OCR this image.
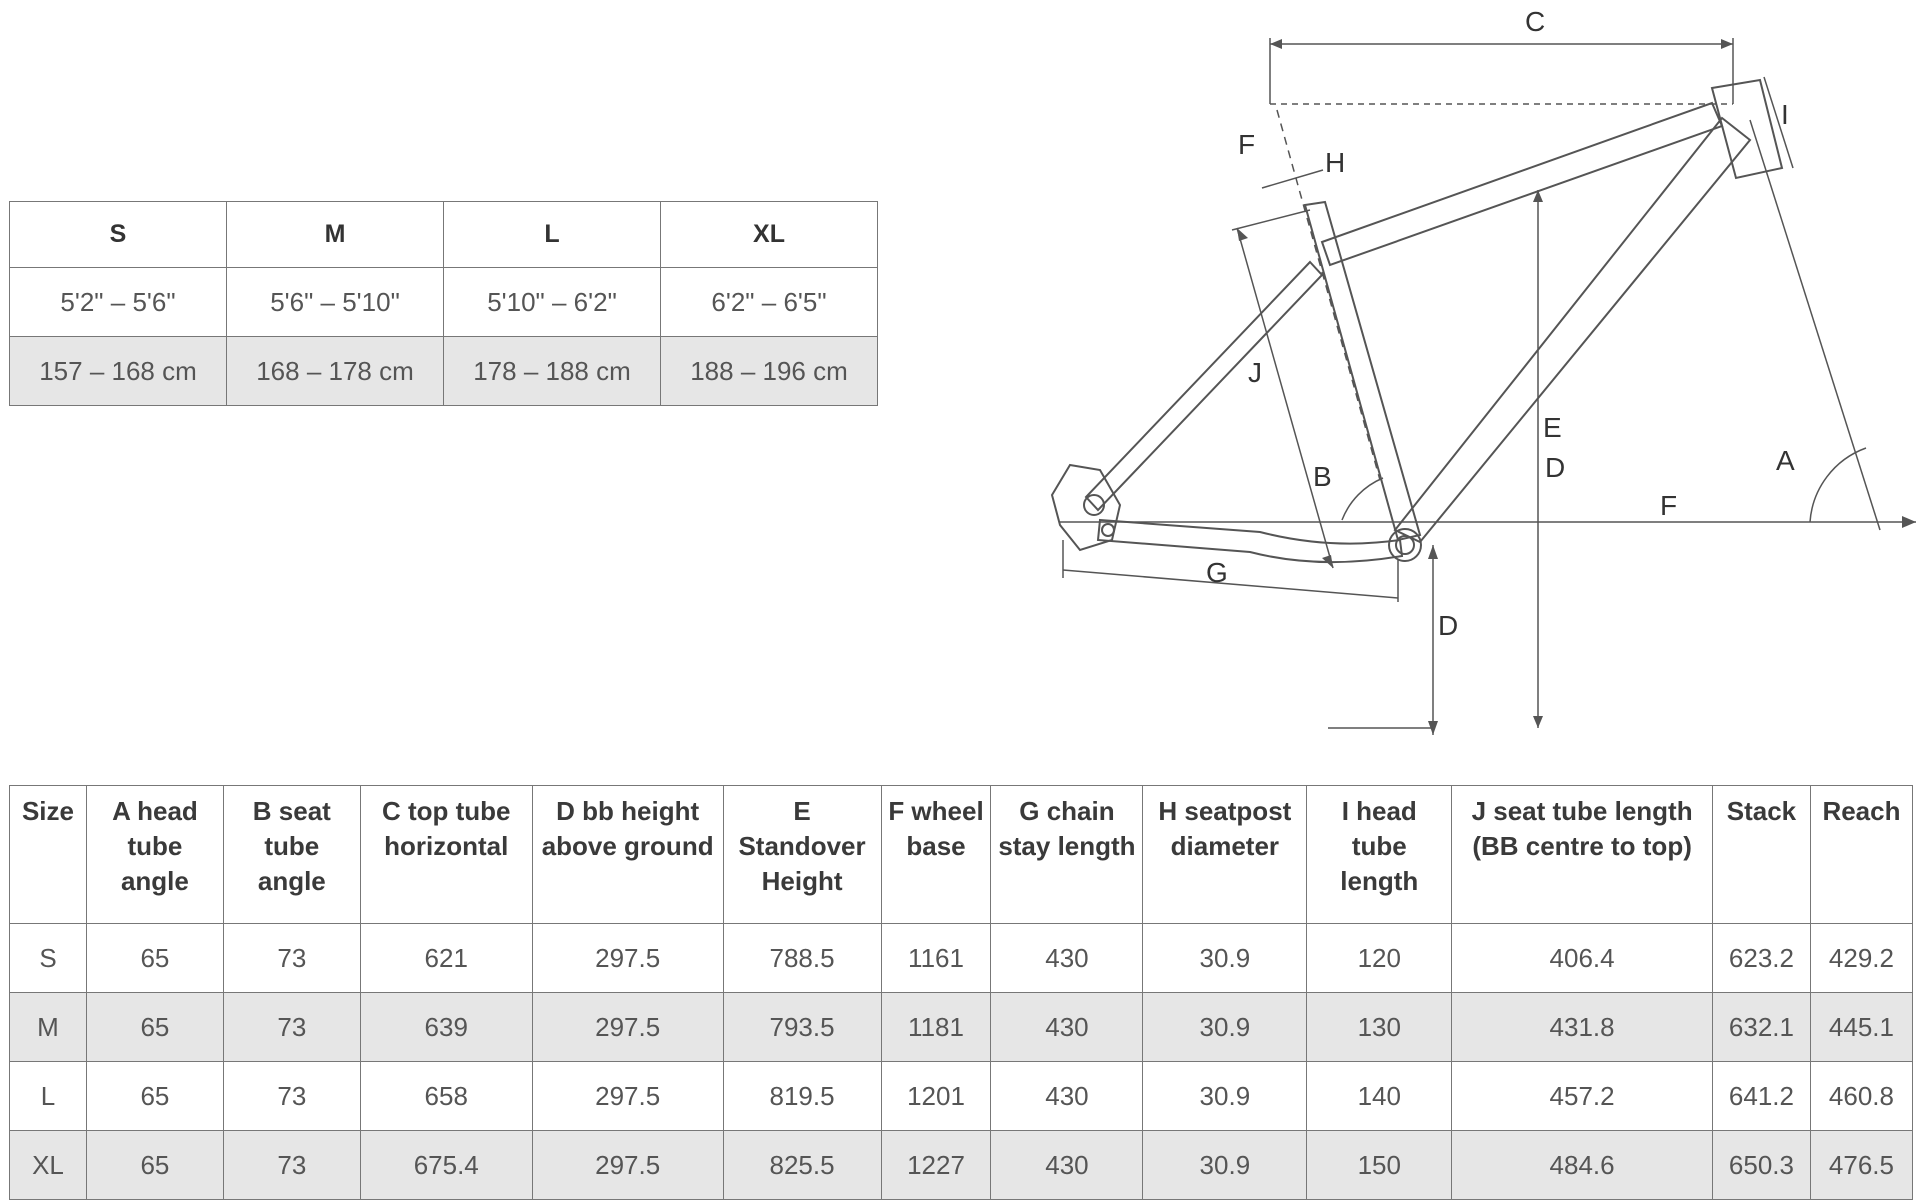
S	M	L	XL
5'2" – 5'6"	5'6" – 5'10"	5'10" – 6'2"	6'2" – 6'5"
157 – 168 cm	168 – 178 cm	178 – 188 cm	188 – 196 cm
C
I
F
H
J
E
D	A
B
F
G
D
Size	A head tube angle	B seat tube angle	C top tube horizontal	D bb height above ground	E Standover Height	F wheel base	G chain stay length	H seatpost diameter	I head tube length	J seat tube length (BB centre to top)	Stack	Reach
S	65	73	621	297.5	788.5	1161	430	30.9	120	406.4	623.2	429.2
M	65	73	639	297.5	793.5	1181	430	30.9	130	431.8	632.1	445.1
L	65	73	658	297.5	819.5	1201	430	30.9	140	457.2	641.2	460.8
XL	65	73	675.4	297.5	825.5	1227	430	30.9	150	484.6	650.3	476.5
